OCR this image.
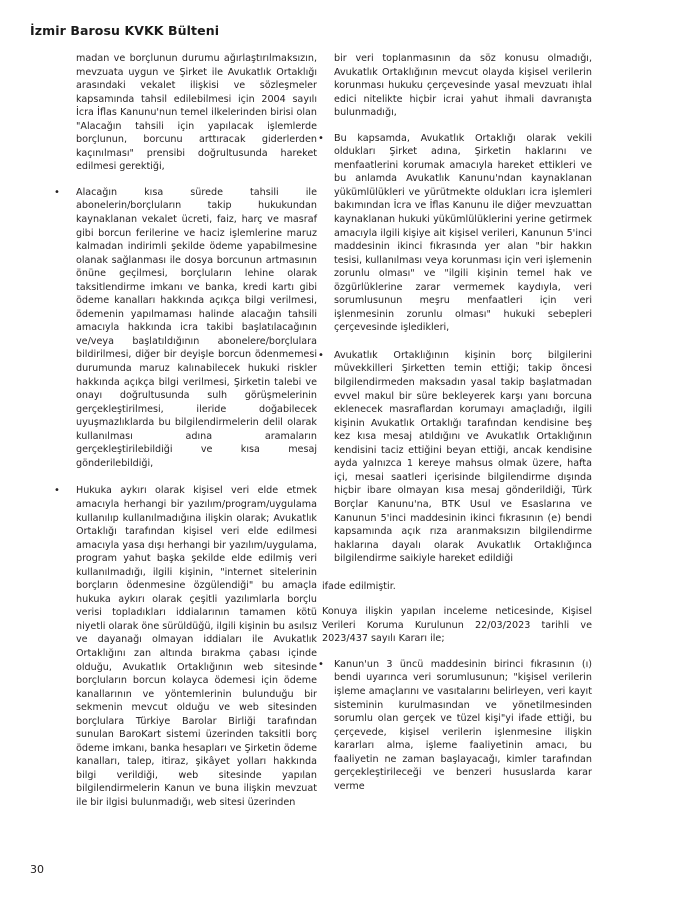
İzmir Barosu KVKK Bülteni

madan ve borçlunun durumu ağırlaştırılmaksızın, mevzuata uygun ve Şirket ile Avukatlık Ortaklığı arasındaki vekalet ilişkisi ve sözleşmeler kapsamında tahsil edilebilmesi için 2004 sayılı İcra İflas Kanunu'nun temel ilkelerinden birisi olan "Alacağın tahsili için yapılacak işlemlerde borçlunun, borcunu arttıracak giderlerden kaçınılması" prensibi doğrultusunda hareket edilmesi gerektiği,

• Alacağın kısa sürede tahsili ile abonelerin/borçluların takip hukukundan kaynaklanan vekalet ücreti, faiz, harç ve masraf gibi borcun ferilerine ve haciz işlemlerine maruz kalmadan indirimli şekilde ödeme yapabilmesine olanak sağlanması ile dosya borcunun artmasının önüne geçilmesi, borçluların lehine olarak taksitlendirme imkanı ve banka, kredi kartı gibi ödeme kanalları hakkında açıkça bilgi verilmesi, ödemenin yapılmaması halinde alacağın tahsili amacıyla hakkında icra takibi başlatılacağının ve/veya başlatıldığının abonelere/borçlulara bildirilmesi, diğer bir deyişle borcun ödenmemesi durumunda maruz kalınabilecek hukuki riskler hakkında açıkça bilgi verilmesi, Şirketin talebi ve onayı doğrultusunda sulh görüşmelerinin gerçekleştirilmesi, ileride doğabilecek uyuşmazlıklarda bu bilgilendirmelerin delil olarak kullanılması adına aramaların gerçekleştirilebildiği ve kısa mesaj gönderilebildiği,
• Hukuka aykırı olarak kişisel veri elde etmek amacıyla herhangi bir yazılım/program/uygulama kullanılıp kullanılmadığına ilişkin olarak; Avukatlık Ortaklığı tarafından kişisel veri elde edilmesi amacıyla yasa dışı herhangi bir yazılım/uygulama, program yahut başka şekilde elde edilmiş veri kullanılmadığı, ilgili kişinin, "internet sitelerinin borçların ödenmesine özgülendiği" bu amaçla hukuka aykırı olarak çeşitli yazılımlarla borçlu verisi topladıkları iddialarının tamamen kötü niyetli olarak öne sürüldüğü, ilgili kişinin bu asılsız ve dayanağı olmayan iddiaları ile Avukatlık Ortaklığını zan altında bırakma çabası içinde olduğu, Avukatlık Ortaklığının web sitesinde borçluların borcun kolayca ödemesi için ödeme kanallarının ve yöntemlerinin bulunduğu bir sekmenin mevcut olduğu ve web sitesinden borçlulara Türkiye Barolar Birliği tarafından sunulan BaroKart sistemi üzerinden taksitli borç ödeme imkanı, banka hesapları ve Şirketin ödeme kanalları, talep, itiraz, şikâyet yolları hakkında bilgi verildiği, web sitesinde yapılan bilgilendirmelerin Kanun ve buna ilişkin mevzuat ile bir ilgisi bulunmadığı, web sitesi üzerinden

bir veri toplanmasının da söz konusu olmadığı, Avukatlık Ortaklığının mevcut olayda kişisel verilerin korunması hukuku çerçevesinde yasal mevzuatı ihlal edici nitelikte hiçbir icrai yahut ihmali davranışta bulunmadığı,

• Bu kapsamda, Avukatlık Ortaklığı olarak vekili oldukları Şirket adına, Şirketin haklarını ve menfaatlerini korumak amacıyla hareket ettikleri ve bu anlamda Avukatlık Kanunu'ndan kaynaklanan yükümlülükleri ve yürütmekte oldukları icra işlemleri bakımından İcra ve İflas Kanunu ile diğer mevzuattan kaynaklanan hukuki yükümlülüklerini yerine getirmek amacıyla ilgili kişiye ait kişisel verileri, Kanunun 5'inci maddesinin ikinci fıkrasında yer alan "bir hakkın tesisi, kullanılması veya korunması için veri işlemenin zorunlu olması" ve "ilgili kişinin temel hak ve özgürlüklerine zarar vermemek kaydıyla, veri sorumlusunun meşru menfaatleri için veri işlenmesinin zorunlu olması" hukuki sebepleri çerçevesinde işledikleri,
• Avukatlık Ortaklığının kişinin borç bilgilerini müvekkilleri Şirketten temin ettiği; takip öncesi bilgilendirmeden maksadın yasal takip başlatmadan evvel makul bir süre bekleyerek karşı yanı borcuna eklenecek masraflardan korumayı amaçladığı, ilgili kişinin Avukatlık Ortaklığı tarafından kendisine beş kez kısa mesaj atıldığını ve Avukatlık Ortaklığının kendisini taciz ettiğini beyan ettiği, ancak kendisine ayda yalnızca 1 kereye mahsus olmak üzere, hafta içi, mesai saatleri içerisinde bilgilendirme dışında hiçbir ibare olmayan kısa mesaj gönderildiği, Türk Borçlar Kanunu'na, BTK Usul ve Esaslarına ve Kanunun 5'inci maddesinin ikinci fıkrasının (e) bendi kapsamında açık rıza aranmaksızın bilgilendirme haklarına dayalı olarak Avukatlık Ortaklığınca bilgilendirme saikiyle hareket edildiği

ifade edilmiştir.

Konuya ilişkin yapılan inceleme neticesinde, Kişisel Verileri Koruma Kurulunun 22/03/2023 tarihli ve 2023/437 sayılı Kararı ile;

• Kanun'un 3 üncü maddesinin birinci fıkrasının (ı) bendi uyarınca veri sorumlusunun; "kişisel verilerin işleme amaçlarını ve vasıtalarını belirleyen, veri kayıt sisteminin kurulmasından ve yönetilmesinden sorumlu olan gerçek ve tüzel kişi"yi ifade ettiği, bu çerçevede, kişisel verilerin işlenmesine ilişkin kararları alma, işleme faaliyetinin amacı, bu faaliyetin ne zaman başlayacağı, kimler tarafından gerçekleştirileceği ve benzeri hususlarda karar verme
30
